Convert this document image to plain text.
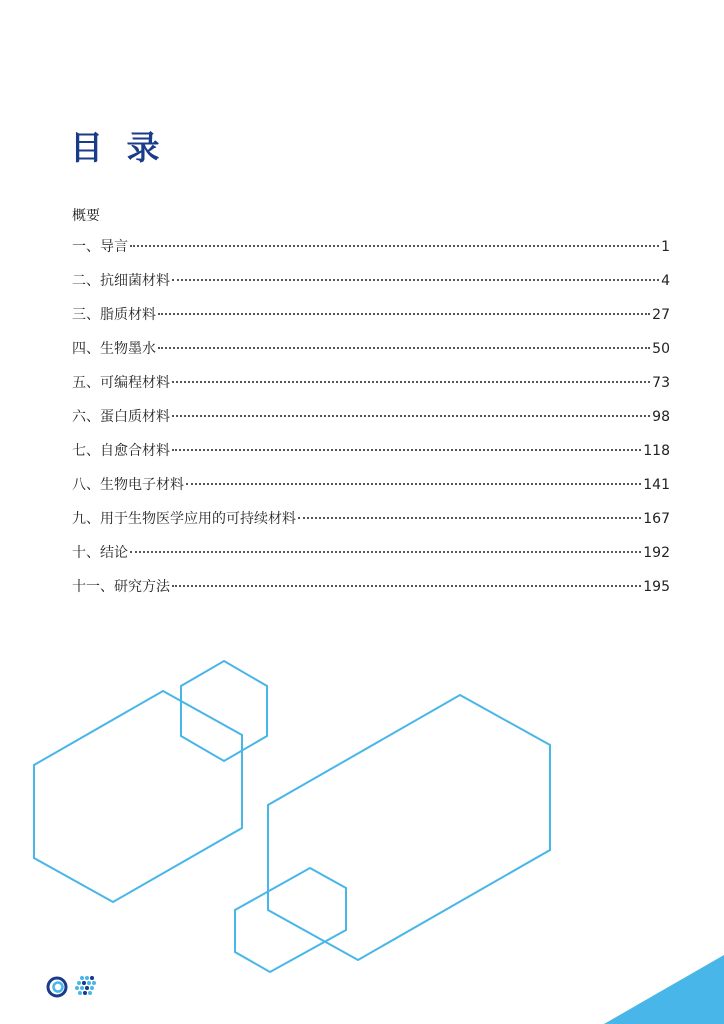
目 录
概要
一、导言	1
二、抗细菌材料	4
三、脂质材料	27
四、生物墨水	50
五、可编程材料	73
六、蛋白质材料	98
七、自愈合材料	118
八、生物电子材料	141
九、用于生物医学应用的可持续材料	167
十、结论	192
十一、研究方法	195
